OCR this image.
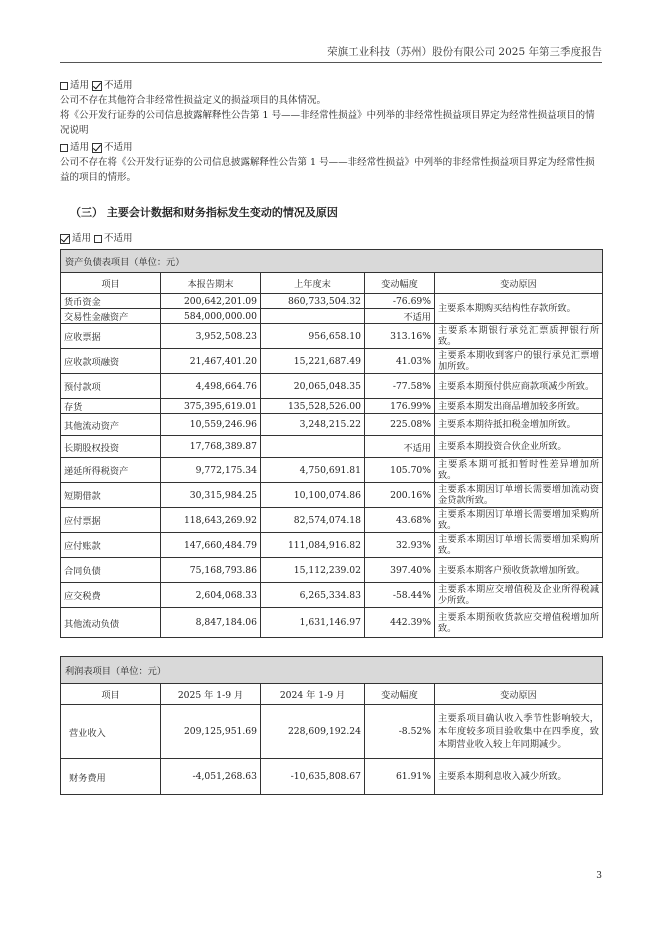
荣旗工业科技（苏州）股份有限公司 2025 年第三季度报告

适用 不适用

公司不存在其他符合非经常性损益定义的损益项目的具体情况。

将《公开发行证券的公司信息披露解释性公告第 1 号——非经常性损益》中列举的非经常性损益项目界定为经常性损益项目的情况说明

适用 不适用

公司不存在将《公开发行证券的公司信息披露解释性公告第 1 号——非经常性损益》中列举的非经常性损益项目界定为经常性损益的项目的情形。

（三） 主要会计数据和财务指标发生变动的情况及原因

适用 不适用

资产负债表项目（单位：元）				
项目	本报告期末	上年度末	变动幅度	变动原因
货币资金	200,642,201.09	860,733,504.32	-76.69%	主要系本期购买结构性存款所致。
交易性金融资产	584,000,000.00		不适用	
应收票据	3,952,508.23	956,658.10	313.16%	主要系本期银行承兑汇票质押银行所致。
应收款项融资	21,467,401.20	15,221,687.49	41.03%	主要系本期收到客户的银行承兑汇票增加所致。
预付款项	4,498,664.76	20,065,048.35	-77.58%	主要系本期预付供应商款项减少所致。
存货	375,395,619.01	135,528,526.00	176.99%	主要系本期发出商品增加较多所致。
其他流动资产	10,559,246.96	3,248,215.22	225.08%	主要系本期待抵扣税金增加所致。
长期股权投资	17,768,389.87		不适用	主要系本期投资合伙企业所致。
递延所得税资产	9,772,175.34	4,750,691.81	105.70%	主要系本期可抵扣暂时性差异增加所致。
短期借款	30,315,984.25	10,100,074.86	200.16%	主要系本期因订单增长需要增加流动资金贷款所致。
应付票据	118,643,269.92	82,574,074.18	43.68%	主要系本期因订单增长需要增加采购所致。
应付账款	147,660,484.79	111,084,916.82	32.93%	主要系本期因订单增长需要增加采购所致。
合同负债	75,168,793.86	15,112,239.02	397.40%	主要系本期客户预收货款增加所致。
应交税费	2,604,068.33	6,265,334.83	-58.44%	主要系本期应交增值税及企业所得税减少所致。
其他流动负债	8,847,184.06	1,631,146.97	442.39%	主要系本期预收货款应交增值税增加所致。
利润表项目（单位：元）				
项目	2025 年 1-9 月	2024 年 1-9 月	变动幅度	变动原因
营业收入	209,125,951.69	228,609,192.24	-8.52%	主要系项目确认收入季节性影响较大，本年度较多项目验收集中在四季度，致本期营业收入较上年同期减少。
财务费用	-4,051,268.63	-10,635,808.67	61.91%	主要系本期利息收入减少所致。
3
